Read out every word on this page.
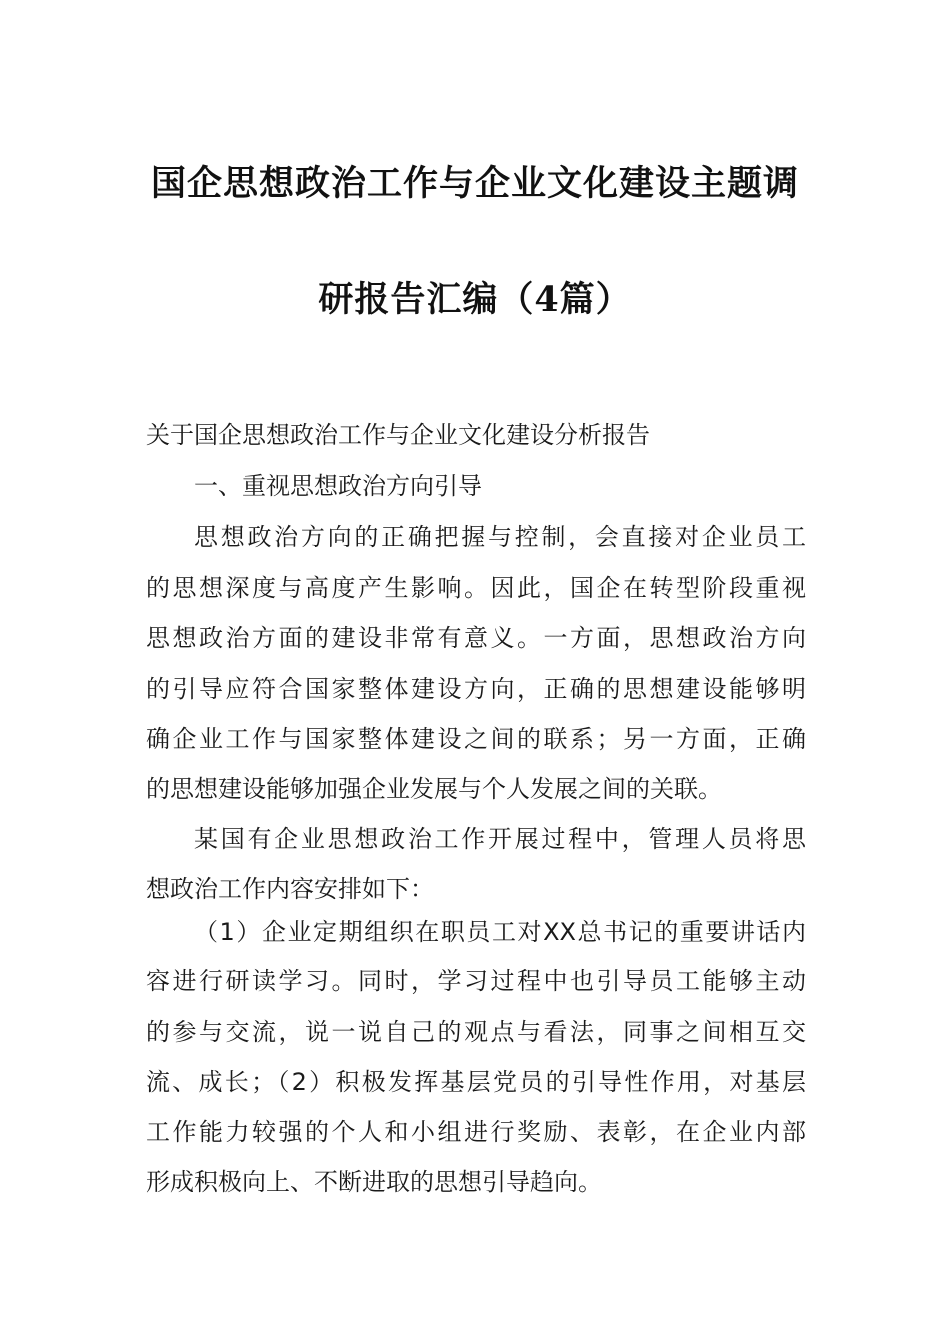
国企思想政治工作与企业文化建设主题调
研报告汇编（4篇）
关于国企思想政治工作与企业文化建设分析报告
一、重视思想政治方向引导
思想政治方向的正确把握与控制，会直接对企业员工
的思想深度与高度产生影响。因此，国企在转型阶段重视
思想政治方面的建设非常有意义。一方面，思想政治方向
的引导应符合国家整体建设方向，正确的思想建设能够明
确企业工作与国家整体建设之间的联系；另一方面，正确
的思想建设能够加强企业发展与个人发展之间的关联。
某国有企业思想政治工作开展过程中，管理人员将思
想政治工作内容安排如下：
（1）企业定期组织在职员工对XX总书记的重要讲话内
容进行研读学习。同时，学习过程中也引导员工能够主动
的参与交流，说一说自己的观点与看法，同事之间相互交
流、成长；（2）积极发挥基层党员的引导性作用，对基层
工作能力较强的个人和小组进行奖励、表彰，在企业内部
形成积极向上、不断进取的思想引导趋向。
